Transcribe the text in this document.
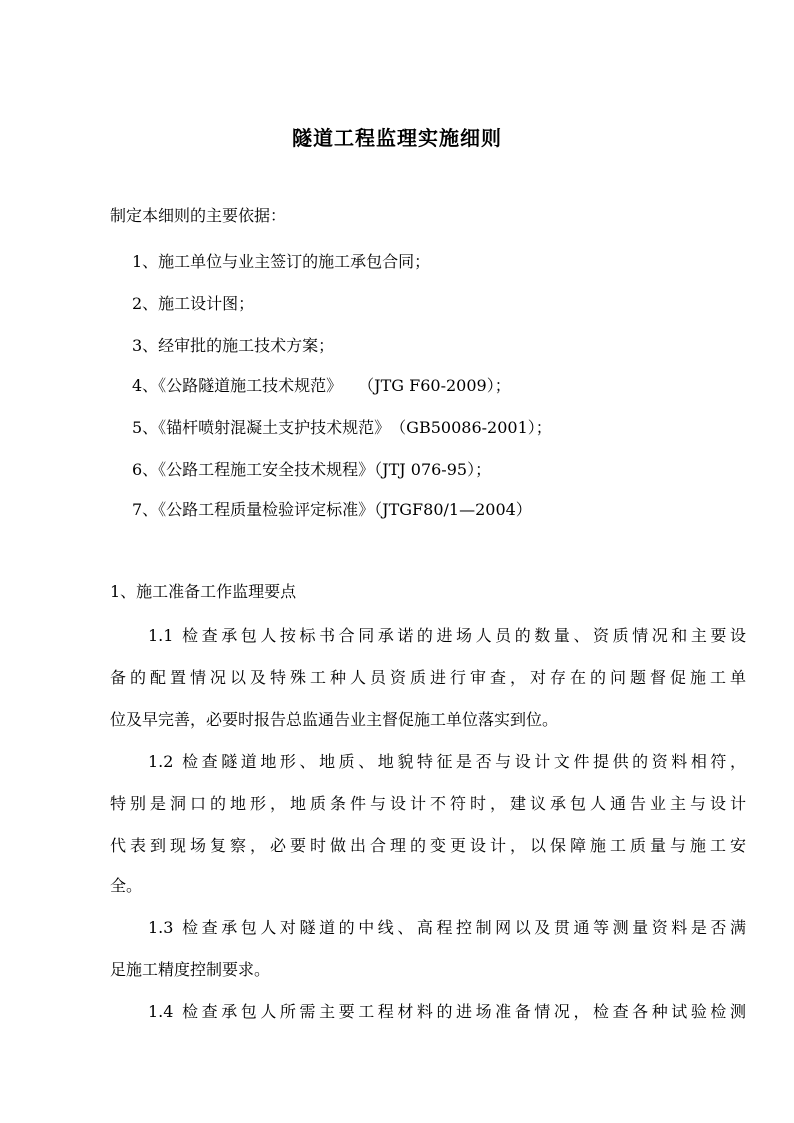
隧道工程监理实施细则
制定本细则的主要依据：
1、施工单位与业主签订的施工承包合同；
2、施工设计图；
3、经审批的施工技术方案；
4、《公路隧道施工技术规范》　　（JTG F60-2009）；
5、《锚杆喷射混凝土支护技术规范》　（GB50086-2001）；
6、《公路工程施工安全技术规程》（JTJ 076-95）；
7、《公路工程质量检验评定标准》（JTGF80/1—2004）
1、施工准备工作监理要点
1.1 检查承包人按标书合同承诺的进场人员的数量、资质情况和主要设
备的配置情况以及特殊工种人员资质进行审查，对存在的问题督促施工单
位及早完善，必要时报告总监通告业主督促施工单位落实到位。
1.2 检查隧道地形、地质、地貌特征是否与设计文件提供的资料相符，
特别是洞口的地形，地质条件与设计不符时，建议承包人通告业主与设计
代表到现场复察，必要时做出合理的变更设计，以保障施工质量与施工安
全。
1.3 检查承包人对隧道的中线、高程控制网以及贯通等测量资料是否满
足施工精度控制要求。
1.4 检查承包人所需主要工程材料的进场准备情况，检查各种试验检测
